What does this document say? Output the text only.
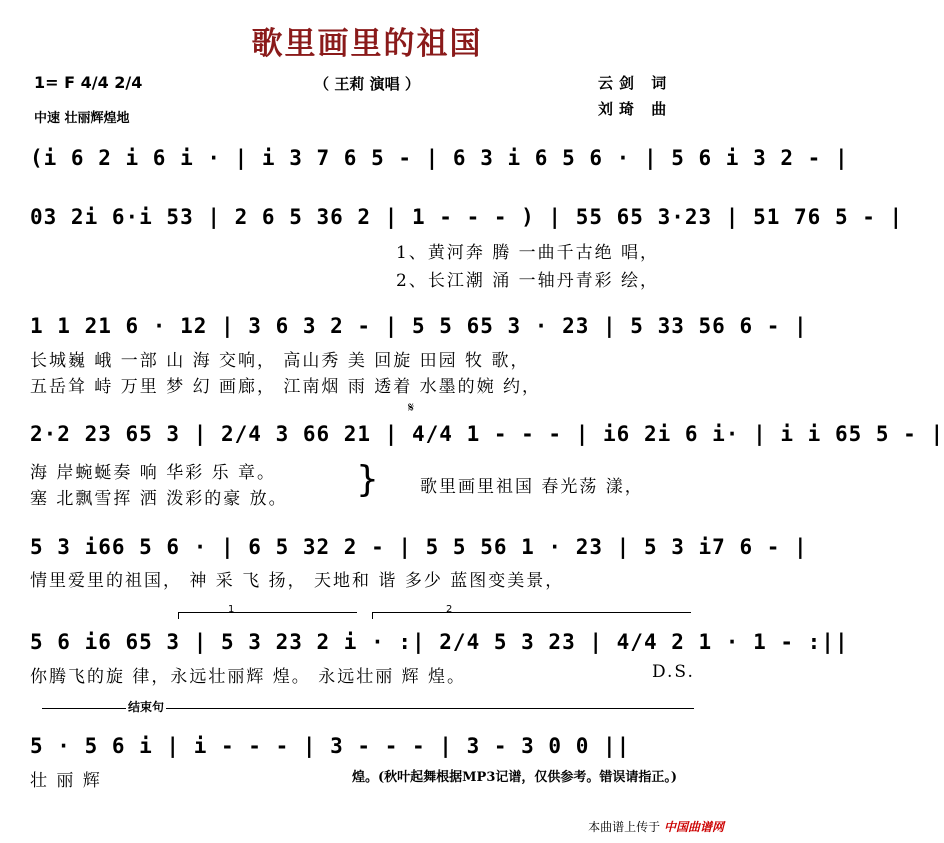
歌里画里的祖国
（ 王莉 演唱 ）	云剑 词
刘琦 曲
1= F 4/4 2/4
中速 壮丽辉煌地
(i 6 2 i 6 i · | i 3 7 6 5 - | 6 3 i 6 5 6 · | 5 6 i 3 2 - |
03 2i 6·i 53 | 2 6 5 36 2 | 1 - - - ) | 55 65 3·23 | 51 76 5 - |
1、黄河奔 腾 一曲千古绝 唱，
2、长江潮 涌 一轴丹青彩 绘，
1 1 21 6 · 12 | 3 6 3 2 - | 5 5 65 3 · 23 | 5 33 56 6 - |
长城巍 峨 一部 山 海 交响， 高山秀 美 回旋 田园 牧 歌，
五岳耸 峙 万里 梦 幻 画廊， 江南烟 雨 透着 水墨的婉 约，
𝄋
2·2 23 65 3 | 2/4 3 66 21 | 4/4 1 - - - | i6 2i 6 i· | i i 65 5 - |
海 岸蜿蜒奏 响 华彩 乐 章。
塞 北飘雪挥 洒 泼彩的豪 放。 } 歌里画里祖国 春光荡 漾，
5 3 i66 5 6 · | 6 5 32 2 - | 5 5 56 1 · 23 | 5 3 i7 6 - |
情里爱里的祖国， 神 采 飞 扬， 天地和 谐 多少 蓝图变美景，
1	2
5 6 i6 65 3 | 5 3 23 2 i · :| 2/4 5 3 23 | 4/4 2 1 · 1 - :||
你腾飞的旋 律，永远壮丽辉 煌。 永远壮丽 辉 煌。	D.S.
结束句
5 · 5 6 i | i - - - | 3 - - - | 3 - 3 0 0 ||
壮 丽 辉	煌。(秋叶起舞根据MP3记谱，仅供参考。错误请指正。)
本曲谱上传于 中国曲谱网
